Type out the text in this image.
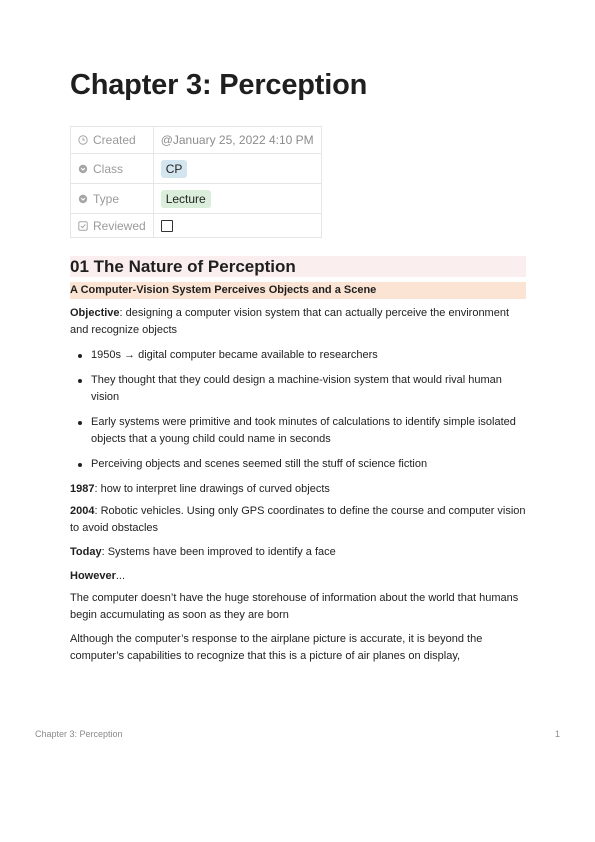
Chapter 3: Perception
Created	@January 25, 2022 4:10 PM

Class	CP

Type	Lecture

Reviewed	

01 The Nature of Perception
A Computer-Vision System Perceives Objects and a Scene

Objective: designing a computer vision system that can actually perceive the environment and recognize objects

1950s → digital computer became available to researchers
They thought that they could design a machine-vision system that would rival human vision
Early systems were primitive and took minutes of calculations to identify simple isolated objects that a young child could name in seconds
Perceiving objects and scenes seemed still the stuff of science fiction

1987: how to interpret line drawings of curved objects

2004: Robotic vehicles. Using only GPS coordinates to define the course and computer vision to avoid obstacles

Today: Systems have been improved to identify a face

However...

The computer doesn’t have the huge storehouse of information about the world that humans begin accumulating as soon as they are born

Although the computer’s response to the airplane picture is accurate, it is beyond the computer’s capabilities to recognize that this is a picture of air planes on display,

Chapter 3: Perception	1
